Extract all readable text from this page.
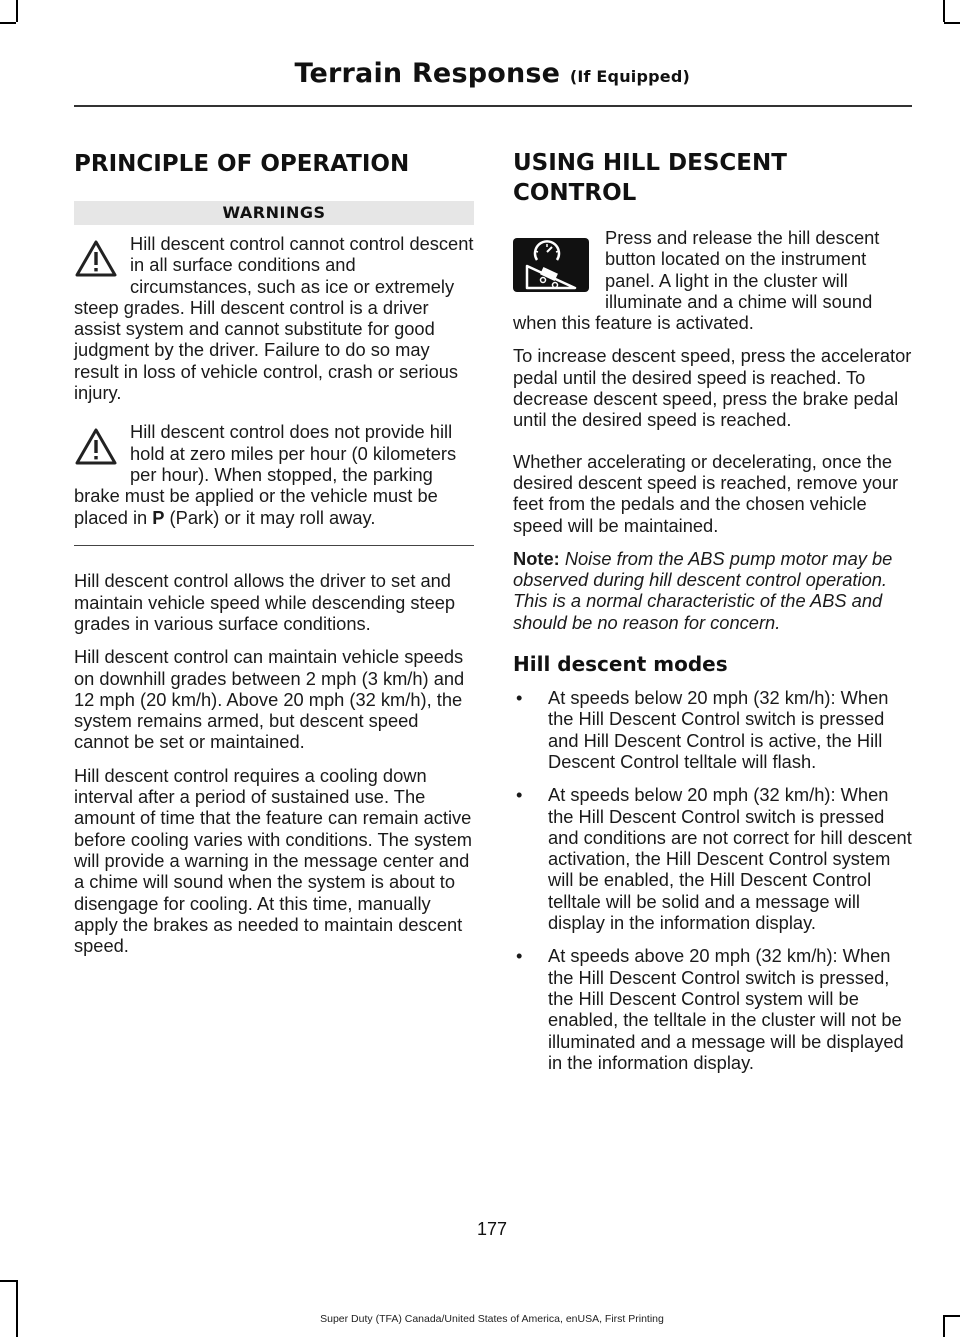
Terrain Response (If Equipped)
PRINCIPLE OF OPERATION
WARNINGS

Hill descent control cannot control descent in all surface conditions and circumstances, such as ice or extremely steep grades. Hill descent control is a driver assist system and cannot substitute for good judgment by the driver. Failure to do so may result in loss of vehicle control, crash or serious injury.

Hill descent control does not provide hill hold at zero miles per hour (0 kilometers per hour). When stopped, the parking brake must be applied or the vehicle must be placed in P (Park) or it may roll away.

Hill descent control allows the driver to set and maintain vehicle speed while descending steep grades in various surface conditions.

Hill descent control can maintain vehicle speeds on downhill grades between 2 mph (3 km/h) and 12 mph (20 km/h). Above 20 mph (32 km/h), the system remains armed, but descent speed cannot be set or maintained.

Hill descent control requires a cooling down interval after a period of sustained use. The amount of time that the feature can remain active before cooling varies with conditions. The system will provide a warning in the message center and a chime will sound when the system is about to disengage for cooling. At this time, manually apply the brakes as needed to maintain descent speed.

USING HILL DESCENT
CONTROL

Press and release the hill descent button located on the instrument panel. A light in the cluster will illuminate and a chime will sound when this feature is activated.

To increase descent speed, press the accelerator pedal until the desired speed is reached. To decrease descent speed, press the brake pedal until the desired speed is reached.

Whether accelerating or decelerating, once the desired descent speed is reached, remove your feet from the pedals and the chosen vehicle speed will be maintained.

Note: Noise from the ABS pump motor may be observed during hill descent control operation. This is a normal characteristic of the ABS and should be no reason for concern.

Hill descent modes
• At speeds below 20 mph (32 km/h): When the Hill Descent Control switch is pressed and Hill Descent Control is active, the Hill Descent Control telltale will flash.
• At speeds below 20 mph (32 km/h): When the Hill Descent Control switch is pressed and conditions are not correct for hill descent activation, the Hill Descent Control system will be enabled, the Hill Descent Control telltale will be solid and a message will display in the information display.
• At speeds above 20 mph (32 km/h): When the Hill Descent Control switch is pressed, the Hill Descent Control system will be enabled, the telltale in the cluster will not be illuminated and a message will be displayed in the information display.
177
Super Duty (TFA) Canada/United States of America, enUSA, First Printing
